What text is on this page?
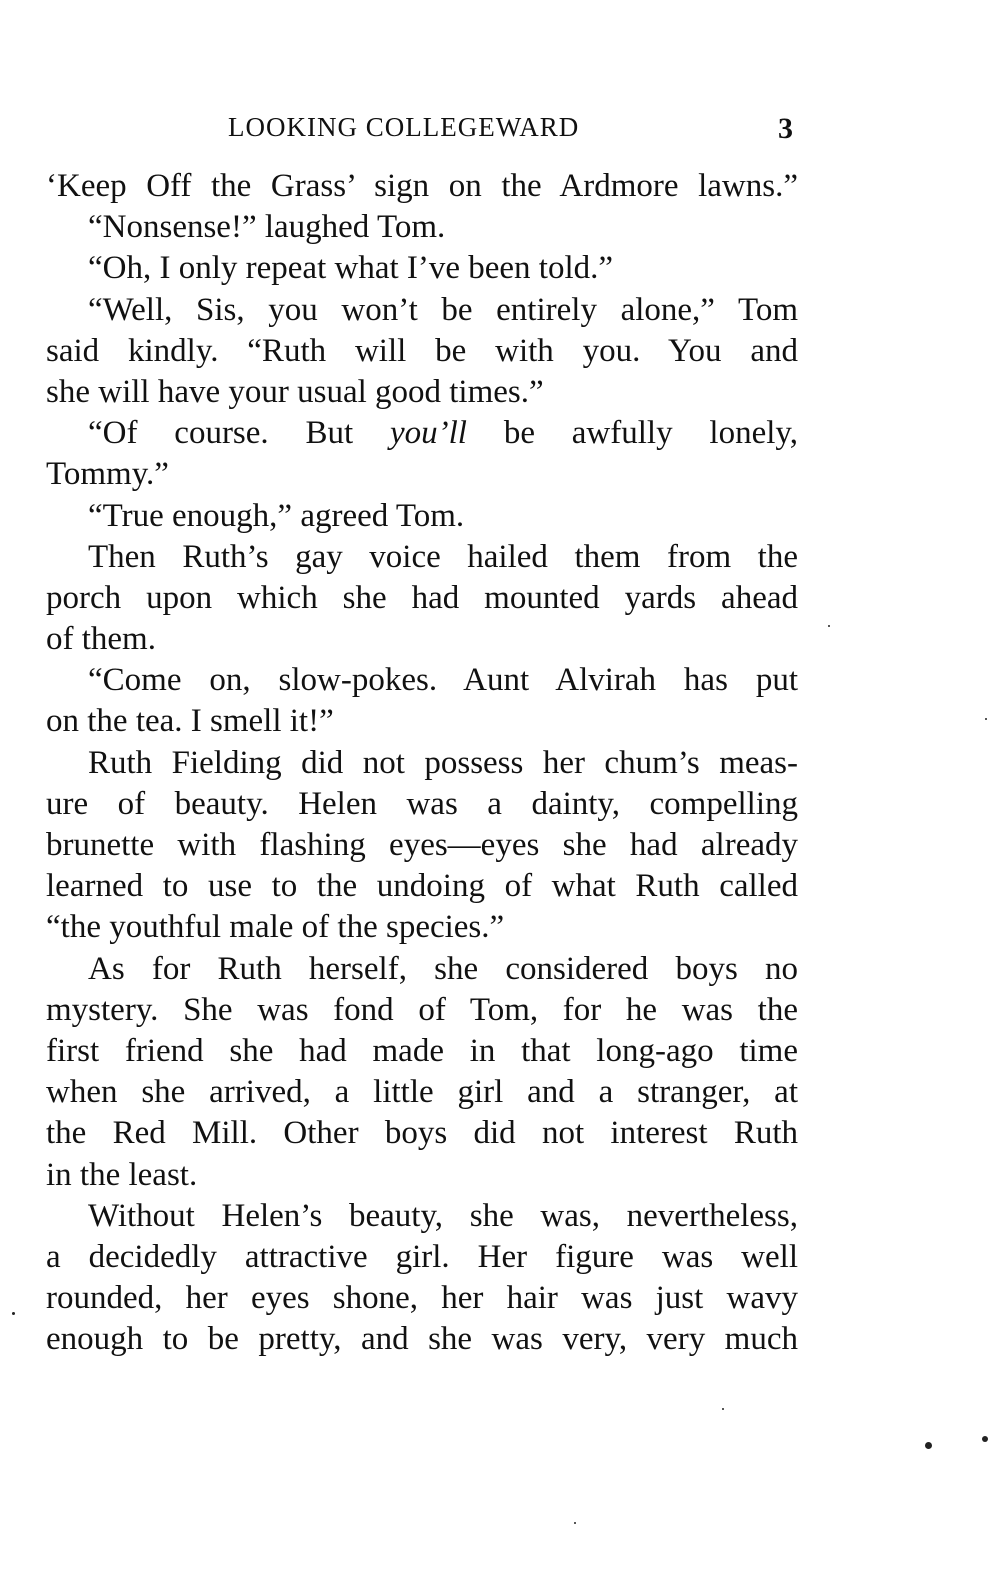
LOOKING COLLEGEWARD	3
‘Keep Off the Grass’ sign on the Ardmore lawns.”
“Nonsense!” laughed Tom.
“Oh, I only repeat what I’ve been told.”
“Well, Sis, you won’t be entirely alone,” Tom
said kindly. “Ruth will be with you. You and
she will have your usual good times.”
“Of course. But you’ll be awfully lonely,
Tommy.”
“True enough,” agreed Tom.
Then Ruth’s gay voice hailed them from the
porch upon which she had mounted yards ahead
of them.
“Come on, slow-pokes. Aunt Alvirah has put
on the tea. I smell it!”
Ruth Fielding did not possess her chum’s meas-
ure of beauty. Helen was a dainty, compelling
brunette with flashing eyes—eyes she had already
learned to use to the undoing of what Ruth called
“the youthful male of the species.”
As for Ruth herself, she considered boys no
mystery. She was fond of Tom, for he was the
first friend she had made in that long-ago time
when she arrived, a little girl and a stranger, at
the Red Mill. Other boys did not interest Ruth
in the least.
Without Helen’s beauty, she was, nevertheless,
a decidedly attractive girl. Her figure was well
rounded, her eyes shone, her hair was just wavy
enough to be pretty, and she was very, very much
